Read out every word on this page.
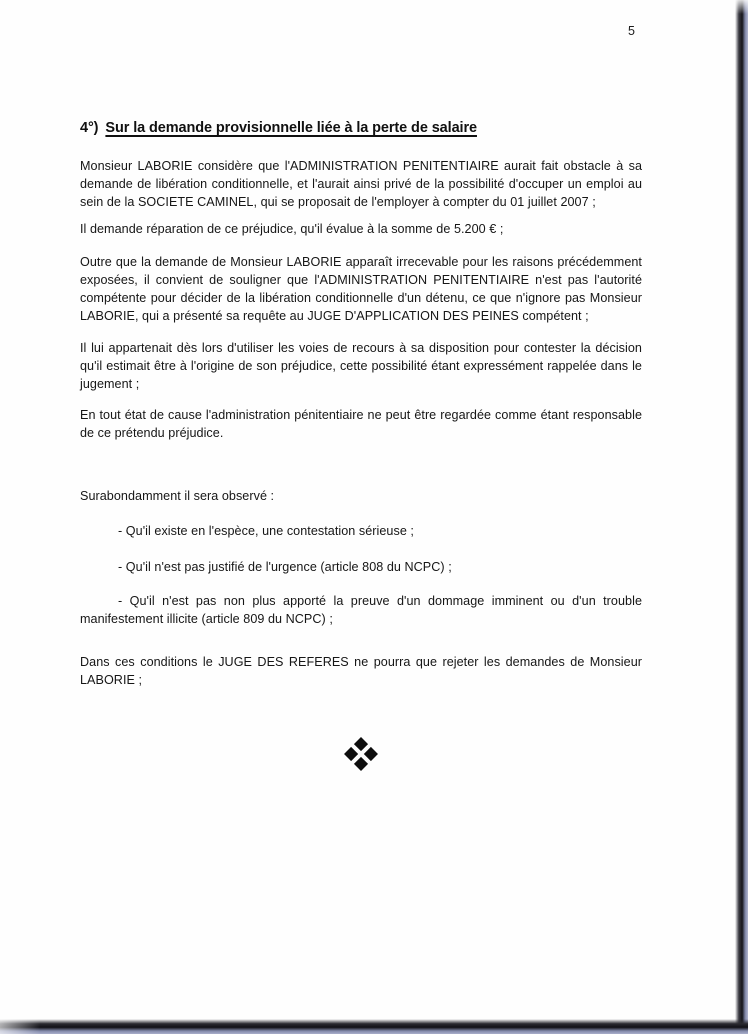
5
4°) Sur la demande provisionnelle liée à la perte de salaire

Monsieur LABORIE considère que l'ADMINISTRATION PENITENTIAIRE aurait fait obstacle à sa demande de libération conditionnelle, et l'aurait ainsi privé de la possibilité d'occuper un emploi au sein de la SOCIETE CAMINEL, qui se proposait de l'employer à compter du 01 juillet 2007 ;

Il demande réparation de ce préjudice, qu'il évalue à la somme de 5.200 € ;

Outre que la demande de Monsieur LABORIE apparaît irrecevable pour les raisons précédemment exposées, il convient de souligner que l'ADMINISTRATION PENITENTIAIRE n'est pas l'autorité compétente pour décider de la libération conditionnelle d'un détenu, ce que n'ignore pas Monsieur LABORIE, qui a présenté sa requête au JUGE D'APPLICATION DES PEINES compétent ;

Il lui appartenait dès lors d'utiliser les voies de recours à sa disposition pour contester la décision qu'il estimait être à l'origine de son préjudice, cette possibilité étant expressément rappelée dans le jugement ;

En tout état de cause l'administration pénitentiaire ne peut être regardée comme étant responsable de ce prétendu préjudice.

Surabondamment il sera observé :

- Qu'il existe en l'espèce, une contestation sérieuse ;

- Qu'il n'est pas justifié de l'urgence (article 808 du NCPC) ;

- Qu'il n'est pas non plus apporté la preuve d'un dommage imminent ou d'un trouble manifestement illicite (article 809 du NCPC) ;

Dans ces conditions le JUGE DES REFERES ne pourra que rejeter les demandes de Monsieur LABORIE ;
